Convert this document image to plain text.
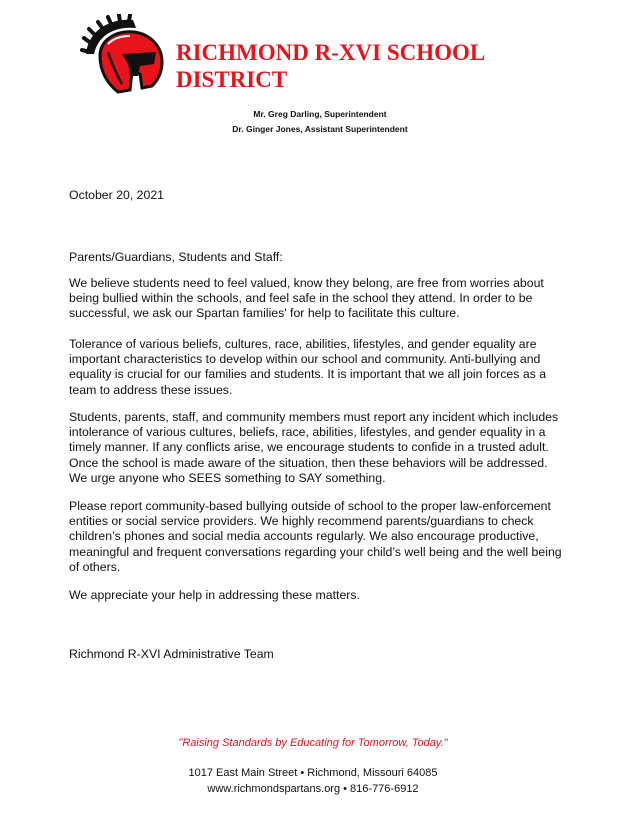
RICHMOND R-XVI SCHOOL DISTRICT
Mr. Greg Darling, Superintendent
Dr. Ginger Jones, Assistant Superintendent

October 20, 2021

Parents/Guardians, Students and Staff:

We believe students need to feel valued, know they belong, are free from worries about being bullied within the schools, and feel safe in the school they attend. In order to be successful, we ask our Spartan families' for help to facilitate this culture.

Tolerance of various beliefs, cultures, race, abilities, lifestyles, and gender equality are important characteristics to develop within our school and community. Anti-bullying and equality is crucial for our families and students. It is important that we all join forces as a team to address these issues.

Students, parents, staff, and community members must report any incident which includes intolerance of various cultures, beliefs, race, abilities, lifestyles, and gender equality in a timely manner. If any conflicts arise, we encourage students to confide in a trusted adult. Once the school is made aware of the situation, then these behaviors will be addressed. We urge anyone who SEES something to SAY something.

Please report community-based bullying outside of school to the proper law-enforcement entities or social service providers. We highly recommend parents/guardians to check children’s phones and social media accounts regularly. We also encourage productive, meaningful and frequent conversations regarding your child’s well being and the well being of others.

We appreciate your help in addressing these matters.

Richmond R-XVI Administrative Team

"Raising Standards by Educating for Tomorrow, Today."
1017 East Main Street • Richmond, Missouri 64085
www.richmondspartans.org • 816-776-6912
